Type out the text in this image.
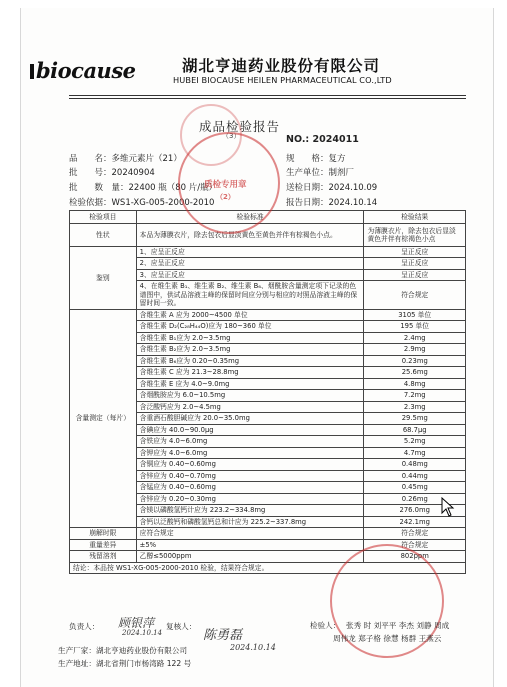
biocause	湖北亨迪药业股份有限公司
HUBEI BIOCAUSE HEILEN PHARMACEUTICAL CO.,LTD
成品检验报告
（3）	NO.: 2024011
品　　名：多维元素片（21）	规　　格：复方
批　　号：20240904	生产单位：制剂厂
批　　数　量：22400 瓶（80 片/瓶）	送检日期：2024.10.09
检验依据：WS1-XG-005-2000-2010	报告日期：2024.10.14
检验项目	检验标准	检验结果
性状	本品为薄膜衣片，除去包衣后显淡黄色至黄色并伴有棕褐色小点。	为薄膜衣片，除去包衣后显淡黄色并伴有棕褐色小点
鉴别	1、应呈正反应	呈正反应
	2、应呈正反应	呈正反应
	3、应呈正反应	呈正反应
	4、在维生素 B₁、维生素 B₂、维生素 B₆、烟酰胺含量测定项下记录的色谱图中，供试品溶液主峰的保留时间应分别与相应的对照品溶液主峰的保留时间一致。	符合规定
含量测定（每片）	含维生素 A 应为 2000~4500 单位	3105 单位
	含维生素 D₂(C₂₈H₄₄O)应为 180~360 单位	195 单位
	含维生素 B₁应为 2.0~3.5mg	2.4mg
	含维生素 B₂应为 2.0~3.5mg	2.9mg
	含维生素 B₆应为 0.20~0.35mg	0.23mg
	含维生素 C 应为 21.3~28.8mg	25.6mg
	含维生素 E 应为 4.0~9.0mg	4.8mg
	含烟酰胺应为 6.0~10.5mg	7.2mg
	含泛酸钙应为 2.0~4.5mg	2.3mg
	含重酒石酸胆碱应为 20.0~35.0mg	29.5mg
	含碘应为 40.0~90.0μg	68.7μg
	含铁应为 4.0~6.0mg	5.2mg
	含钾应为 4.0~6.0mg	4.7mg
	含铜应为 0.40~0.60mg	0.48mg
	含锌应为 0.40~0.70mg	0.44mg
	含锰应为 0.40~0.60mg	0.45mg
	含锌应为 0.20~0.30mg	0.26mg
	含镁以磷酸氢钙计应为 223.2~334.8mg	276.0mg
	含钙以泛酸钙和磷酸氢钙总和计应为 225.2~337.8mg	242.1mg
崩解时限	应符合规定	符合规定
重量差异	±5%	符合规定
残留溶剂	乙醇≤5000ppm	802ppm
结论：本品按 WS1-XG-005-2000-2010 检验，结果符合规定。		
质检专用章
（2）
负责人： 顾银萍
2024.10.14
复核人：
陈勇磊
2024.10.14
检验人： 张秀 时 刘平平 李杰 刘静 周成
周伟龙 郑子格 徐慧 杨群 王燕云
生产厂家：湖北亨迪药业股份有限公司
生产地址：湖北省荆门市杨湾路 122 号
